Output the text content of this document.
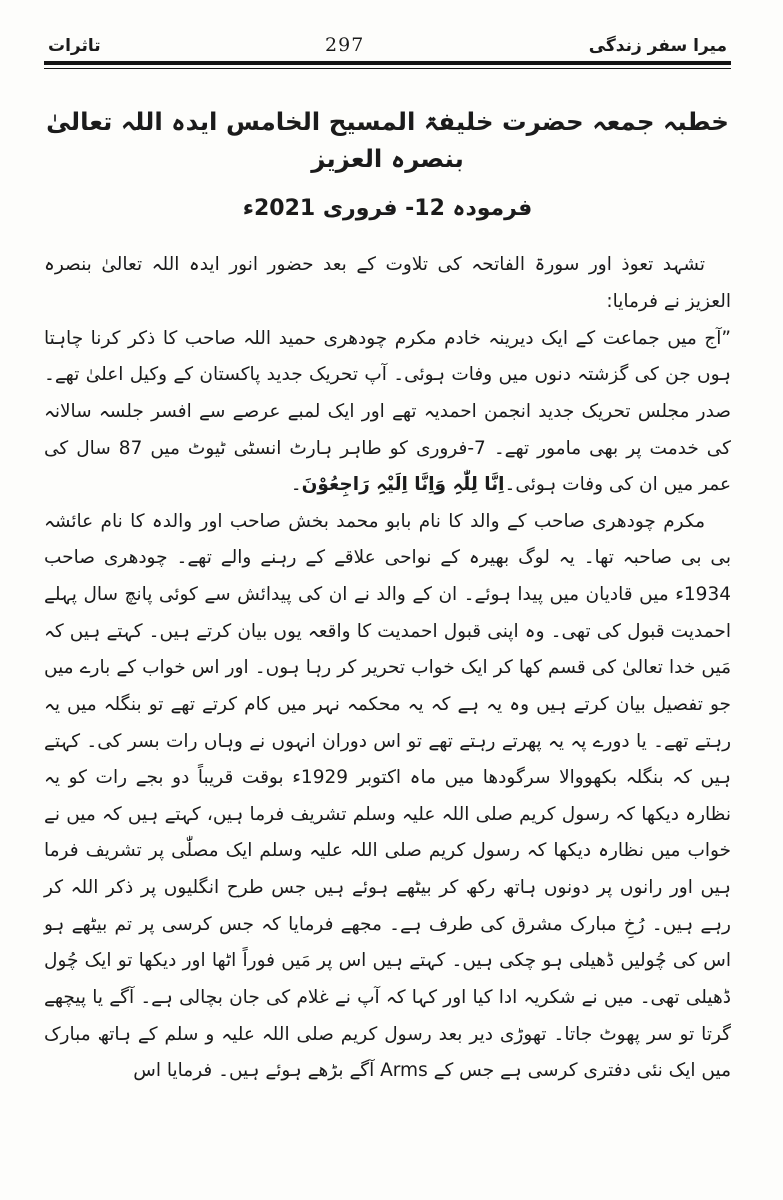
میرا سفر زندگی
297
تاثرات
خطبہ جمعہ حضرت خلیفۃ المسیح الخامس ایدہ اللہ تعالیٰ بنصرہ العزیز
فرمودہ 12- فروری 2021ء

تشہد تعوذ اور سورۃ الفاتحہ کی تلاوت کے بعد حضور انور ایدہ اللہ تعالیٰ بنصرہ العزیز نے فرمایا:

”آج میں جماعت کے ایک دیرینہ خادم مکرم چودھری حمید اللہ صاحب کا ذکر کرنا چاہتا ہوں جن کی گزشتہ دنوں میں وفات ہوئی۔ آپ تحریک جدید پاکستان کے وکیل اعلیٰ تھے۔ صدر مجلس تحریک جدید انجمن احمدیہ تھے اور ایک لمبے عرصے سے افسر جلسہ سالانہ کی خدمت پر بھی مامور تھے۔ 7-فروری کو طاہر ہارٹ انسٹی ٹیوٹ میں 87 سال کی عمر میں ان کی وفات ہوئی۔اِنَّا لِلّٰہِ وَاِنَّا اِلَیْہِ رَاجِعُوْنَ۔

مکرم چودھری صاحب کے والد کا نام بابو محمد بخش صاحب اور والدہ کا نام عائشہ بی بی صاحبہ تھا۔ یہ لوگ بھیرہ کے نواحی علاقے کے رہنے والے تھے۔ چودھری صاحب 1934ء میں قادیان میں پیدا ہوئے۔ ان کے والد نے ان کی پیدائش سے کوئی پانچ سال پہلے احمدیت قبول کی تھی۔ وہ اپنی قبول احمدیت کا واقعہ یوں بیان کرتے ہیں۔ کہتے ہیں کہ مَیں خدا تعالیٰ کی قسم کھا کر ایک خواب تحریر کر رہا ہوں۔ اور اس خواب کے بارے میں جو تفصیل بیان کرتے ہیں وہ یہ ہے کہ یہ محکمہ نہر میں کام کرتے تھے تو بنگلہ میں یہ رہتے تھے۔ یا دورے پہ یہ پھرتے رہتے تھے تو اس دوران انہوں نے وہاں رات بسر کی۔ کہتے ہیں کہ بنگلہ بکھووالا سرگودھا میں ماہ اکتوبر 1929ء بوقت قریباً دو بجے رات کو یہ نظارہ دیکھا کہ رسول کریم صلی اللہ علیہ وسلم تشریف فرما ہیں، کہتے ہیں کہ میں نے خواب میں نظارہ دیکھا کہ رسول کریم صلی اللہ علیہ وسلم ایک مصلّٰی پر تشریف فرما ہیں اور رانوں پر دونوں ہاتھ رکھ کر بیٹھے ہوئے ہیں جس طرح انگلیوں پر ذکر اللہ کر رہے ہیں۔ رُخِ مبارک مشرق کی طرف ہے۔ مجھے فرمایا کہ جس کرسی پر تم بیٹھے ہو اس کی چُولیں ڈھیلی ہو چکی ہیں۔ کہتے ہیں اس پر مَیں فوراً اٹھا اور دیکھا تو ایک چُول ڈھیلی تھی۔ میں نے شکریہ ادا کیا اور کہا کہ آپ نے غلام کی جان بچالی ہے۔ آگے یا پیچھے گرتا تو سر پھوٹ جاتا۔ تھوڑی دیر بعد رسول کریم صلی اللہ علیہ و سلم کے ہاتھ مبارک میں ایک نئی دفتری کرسی ہے جس کے Arms آگے بڑھے ہوئے ہیں۔ فرمایا اس
